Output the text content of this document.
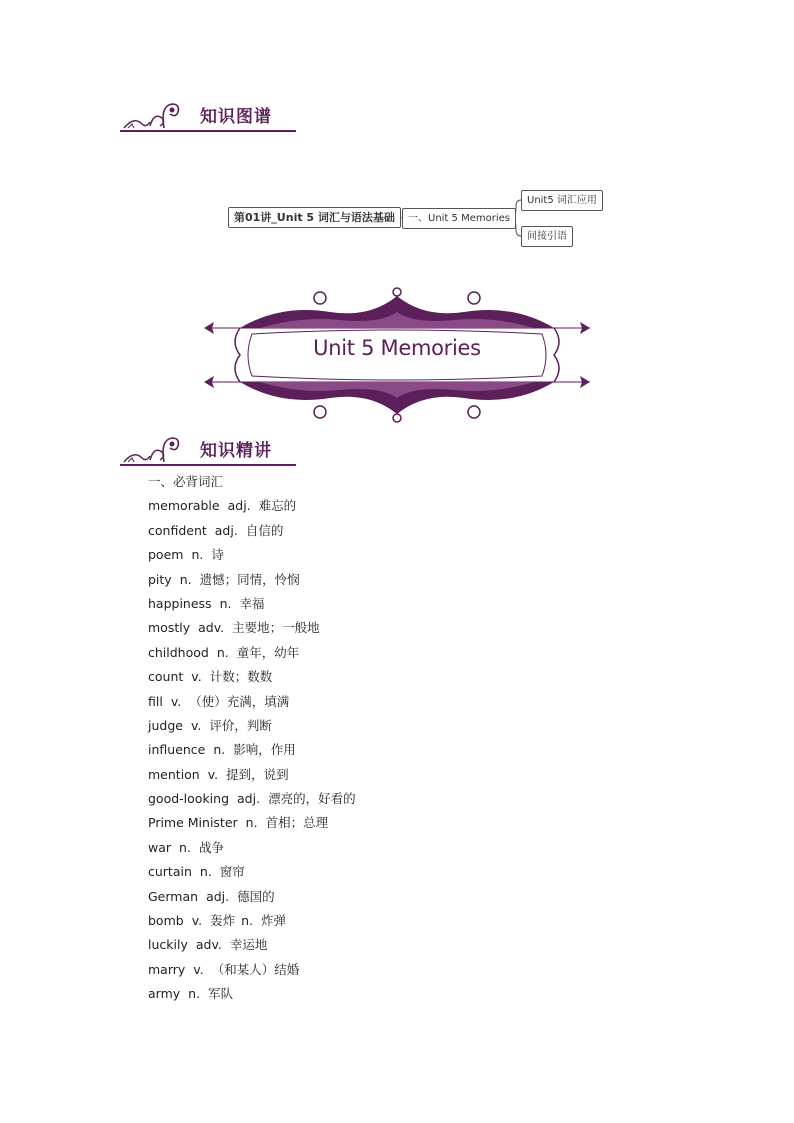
知识图谱
第01讲_Unit 5 词汇与语法基础	一、Unit 5 Memories
Unit5 词汇应用
间接引语
Unit 5 Memories
知识精讲
一、必背词汇
memorable adj. 难忘的
confident adj. 自信的
poem n. 诗
pity n. 遗憾；同情，怜悯
happiness n. 幸福
mostly adv. 主要地；一般地
childhood n. 童年，幼年
count v. 计数；数数
fill v. （使）充满，填满
judge v. 评价，判断
influence n. 影响，作用
mention v. 提到，说到
good-looking adj. 漂亮的，好看的
Prime Minister n. 首相；总理
war n. 战争
curtain n. 窗帘
German adj. 德国的
bomb v. 轰炸 n. 炸弹
luckily adv. 幸运地
marry v. （和某人）结婚
army n. 军队
